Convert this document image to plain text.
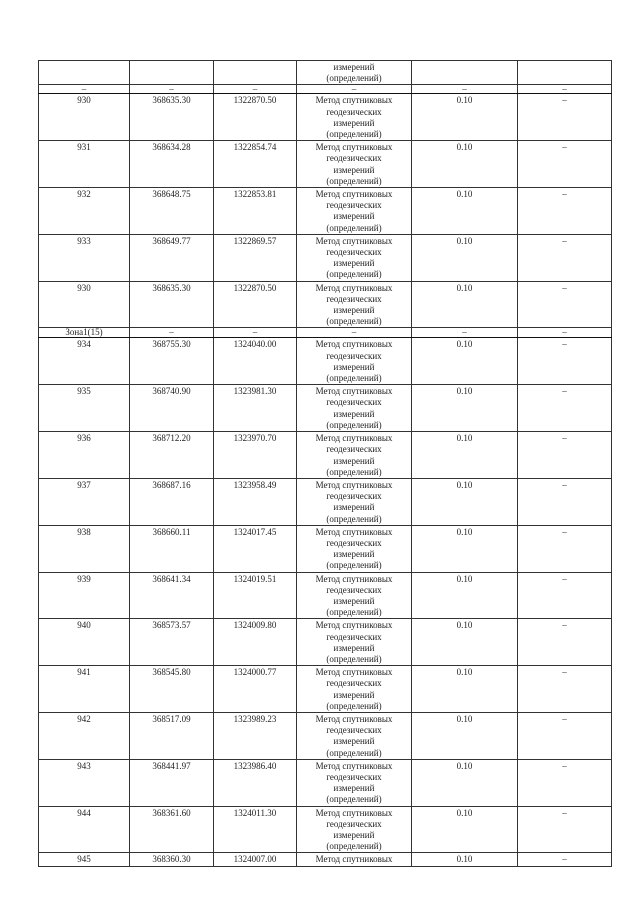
			измерений
(определений)		
–	–	–	–	–	–
930	368635.30	1322870.50	Метод спутниковых
геодезических
измерений
(определений)	0.10	–
931	368634.28	1322854.74	Метод спутниковых
геодезических
измерений
(определений)	0.10	–
932	368648.75	1322853.81	Метод спутниковых
геодезических
измерений
(определений)	0.10	–
933	368649.77	1322869.57	Метод спутниковых
геодезических
измерений
(определений)	0.10	–
930	368635.30	1322870.50	Метод спутниковых
геодезических
измерений
(определений)	0.10	–
Зона1(15)	–	–	–	–	–
934	368755.30	1324040.00	Метод спутниковых
геодезических
измерений
(определений)	0.10	–
935	368740.90	1323981.30	Метод спутниковых
геодезических
измерений
(определений)	0.10	–
936	368712.20	1323970.70	Метод спутниковых
геодезических
измерений
(определений)	0.10	–
937	368687.16	1323958.49	Метод спутниковых
геодезических
измерений
(определений)	0.10	–
938	368660.11	1324017.45	Метод спутниковых
геодезических
измерений
(определений)	0.10	–
939	368641.34	1324019.51	Метод спутниковых
геодезических
измерений
(определений)	0.10	–
940	368573.57	1324009.80	Метод спутниковых
геодезических
измерений
(определений)	0.10	–
941	368545.80	1324000.77	Метод спутниковых
геодезических
измерений
(определений)	0.10	–
942	368517.09	1323989.23	Метод спутниковых
геодезических
измерений
(определений)	0.10	–
943	368441.97	1323986.40	Метод спутниковых
геодезических
измерений
(определений)	0.10	–
944	368361.60	1324011.30	Метод спутниковых
геодезических
измерений
(определений)	0.10	–
945	368360.30	1324007.00	Метод спутниковых	0.10	–
